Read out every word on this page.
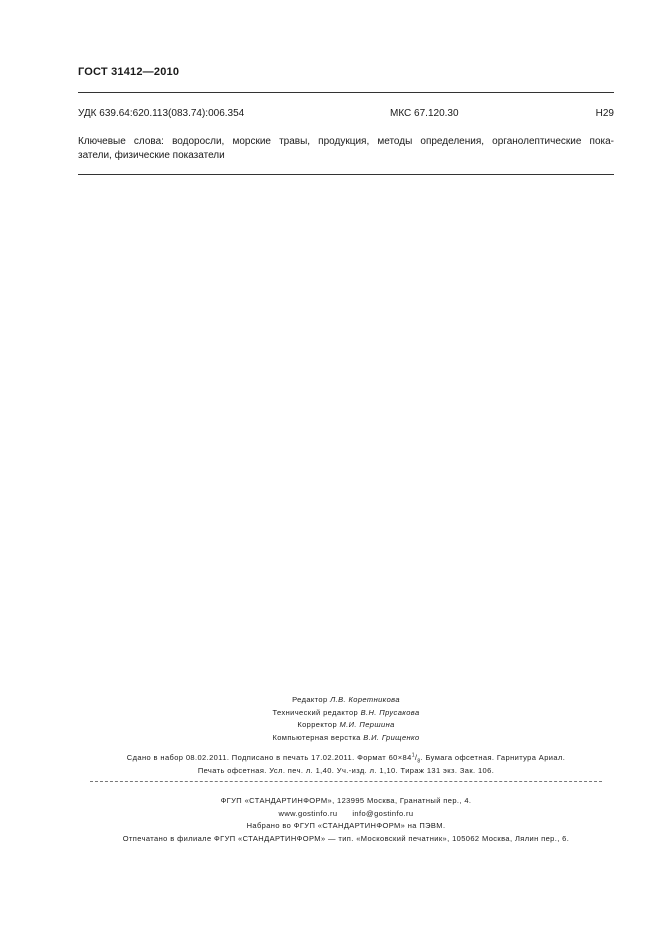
ГОСТ 31412—2010
УДК 639.64:620.113(083.74):006.354	МКС 67.120.30	Н29
Ключевые слова: водоросли, морские травы, продукция, методы определения, органолептические пока-
затели, физические показатели
Редактор Л.В. Коретникова
Технический редактор В.Н. Прусакова
Корректор М.И. Першина
Компьютерная верстка В.И. Грищенко
Сдано в набор 08.02.2011. Подписано в печать 17.02.2011. Формат $60\times 84^1/_8$. Бумага офсетная. Гарнитура Ариал.
Печать офсетная. Усл. печ. л. 1,40. Уч.-изд. л. 1,10. Тираж 131 экз. Зак. 106.
ФГУП «СТАНДАРТИНФОРМ», 123995 Москва, Гранатный пер., 4.
www.gostinfo.ru info@gostinfo.ru
Набрано во ФГУП «СТАНДАРТИНФОРМ» на ПЭВМ.
Отпечатано в филиале ФГУП «СТАНДАРТИНФОРМ» — тип. «Московский печатник», 105062 Москва, Лялин пер., 6.
